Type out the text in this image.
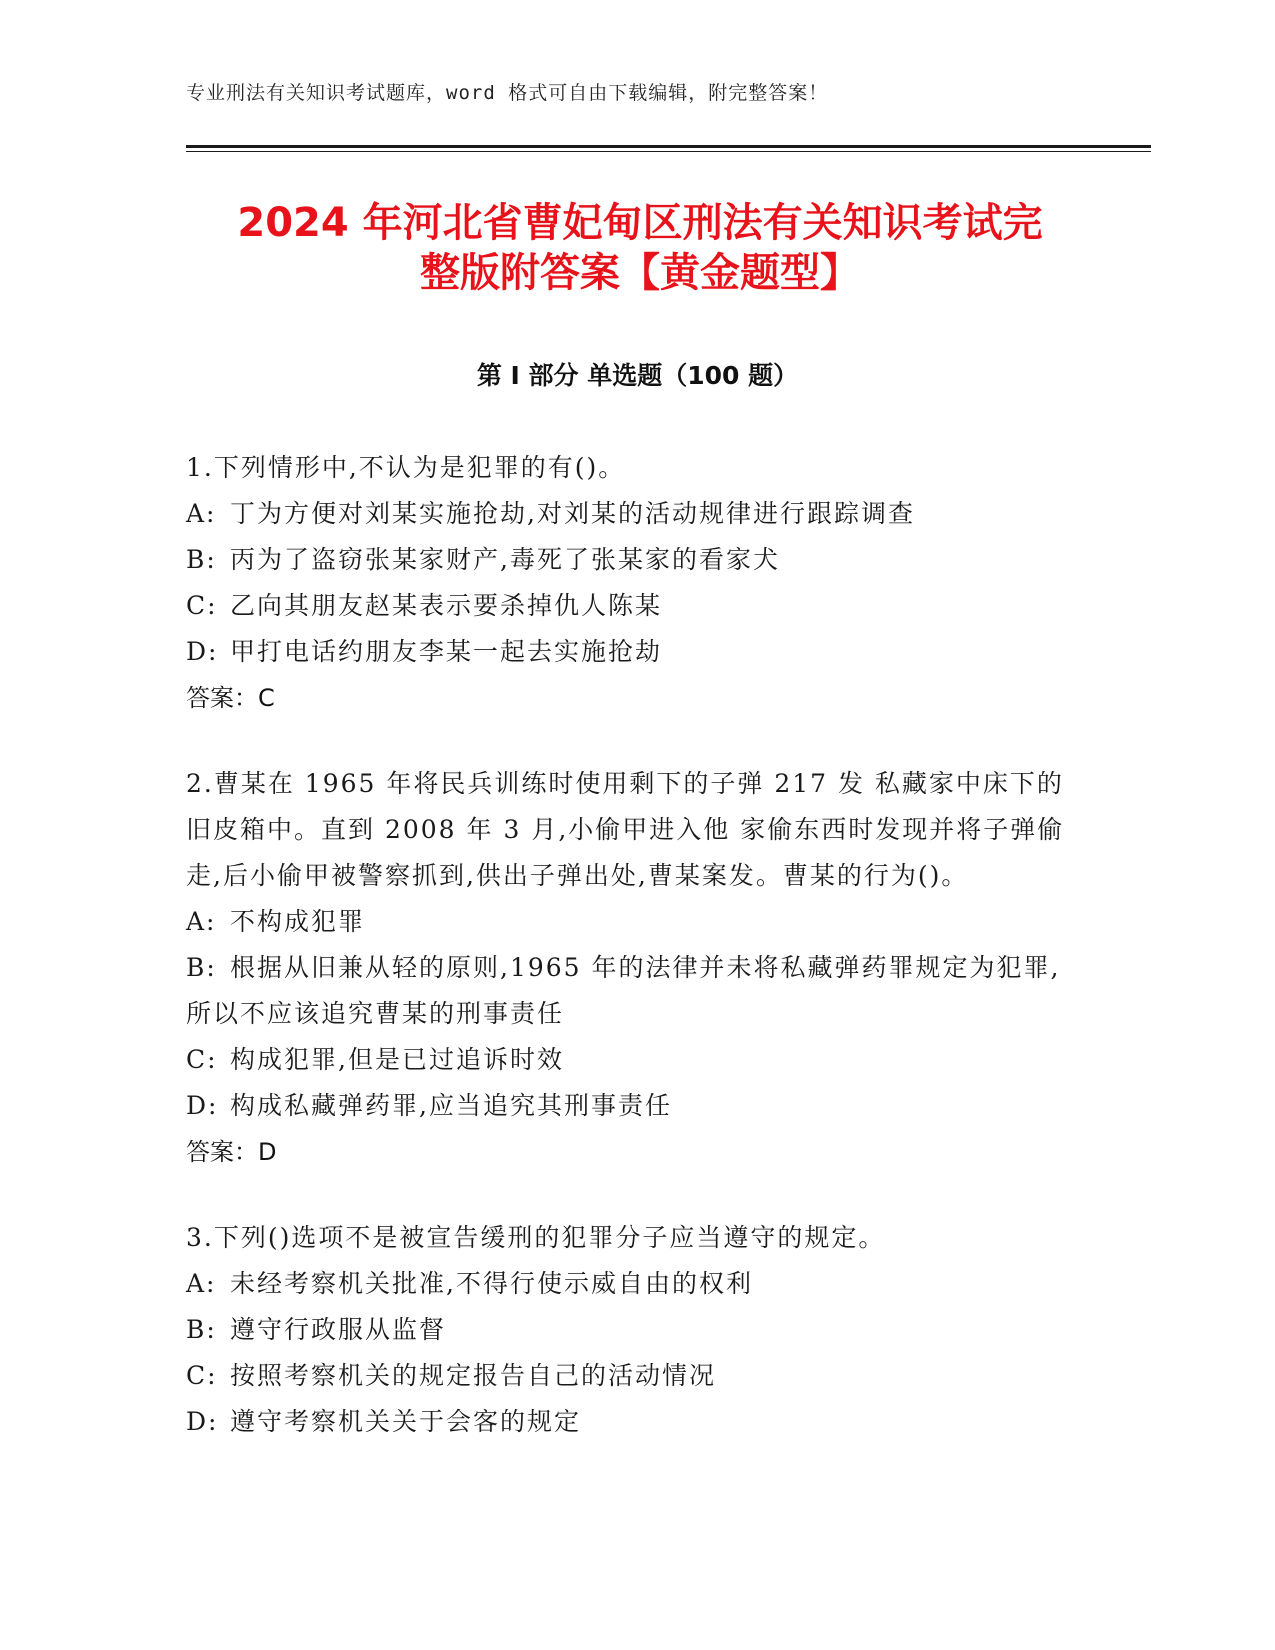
专业刑法有关知识考试题库，word 格式可自由下载编辑，附完整答案！
2024 年河北省曹妃甸区刑法有关知识考试完
整版附答案【黄金题型】
第 I 部分 单选题（100 题）

1.下列情形中,不认为是犯罪的有()。

A: 丁为方便对刘某实施抢劫,对刘某的活动规律进行跟踪调查

B: 丙为了盗窃张某家财产,毒死了张某家的看家犬

C: 乙向其朋友赵某表示要杀掉仇人陈某

D: 甲打电话约朋友李某一起去实施抢劫

答案：C

2.曹某在 1965 年将民兵训练时使用剩下的子弹 217 发 私藏家中床下的旧皮箱中。直到 2008 年 3 月,小偷甲进入他 家偷东西时发现并将子弹偷走,后小偷甲被警察抓到,供出子弹出处,曹某案发。曹某的行为()。

A: 不构成犯罪

B: 根据从旧兼从轻的原则,1965 年的法律并未将私藏弹药罪规定为犯罪,所以不应该追究曹某的刑事责任

C: 构成犯罪,但是已过追诉时效

D: 构成私藏弹药罪,应当追究其刑事责任

答案：D

3.下列()选项不是被宣告缓刑的犯罪分子应当遵守的规定。

A: 未经考察机关批准,不得行使示威自由的权利

B: 遵守行政服从监督

C: 按照考察机关的规定报告自己的活动情况

D: 遵守考察机关关于会客的规定
